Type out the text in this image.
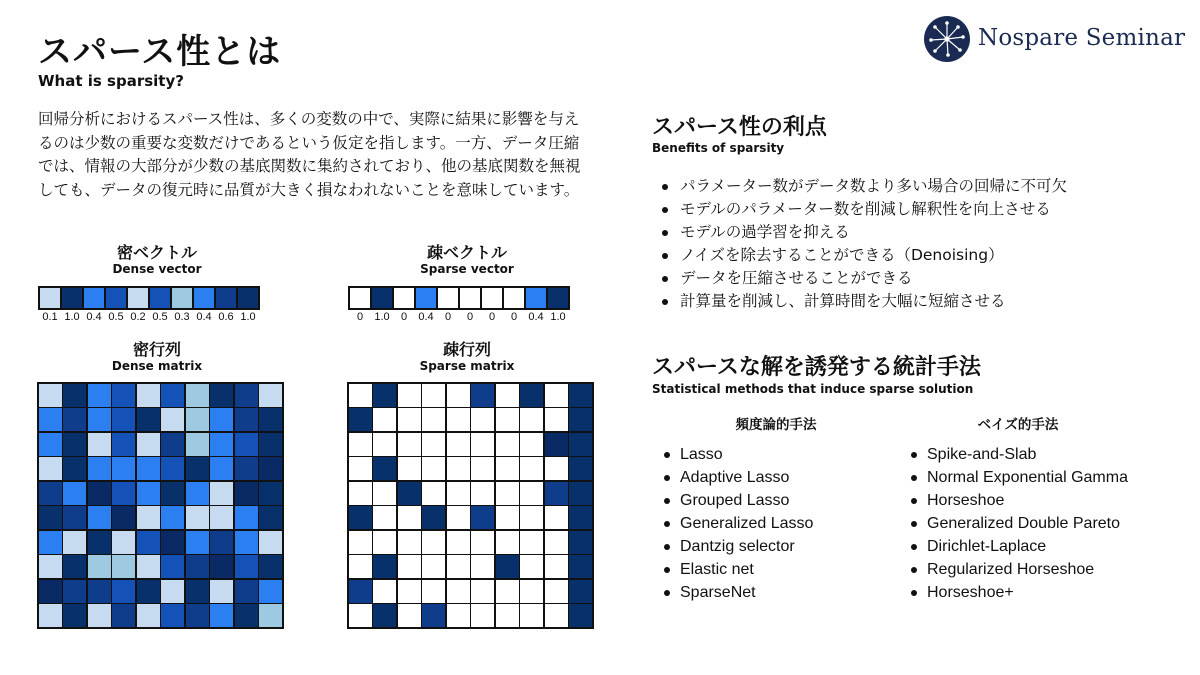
スパース性とは
What is sparsity?
回帰分析におけるスパース性は、多くの変数の中で、実際に結果に影響を与えるのは少数の重要な変数だけであるという仮定を指します。一方、データ圧縮では、情報の大部分が少数の基底関数に集約されており、他の基底関数を無視しても、データの復元時に品質が大きく損なわれないことを意味しています。
Nospare Seminar
密ベクトル
Dense vector
0.1 1.0 0.4 0.5 0.2 0.5 0.3 0.4 0.6 1.0
疎ベクトル
Sparse vector
0	1.0	0	0.4	0	0	0	0	0.4 1.0
密行列
Dense matrix
疎行列
Sparse matrix
スパース性の利点
Benefits of sparsity
パラメーター数がデータ数より多い場合の回帰に不可欠
モデルのパラメーター数を削減し解釈性を向上させる
モデルの過学習を抑える
ノイズを除去することができる（Denoising）
データを圧縮させることができる
計算量を削減し、計算時間を大幅に短縮させる
スパースな解を誘発する統計手法
Statistical methods that induce sparse solution
頻度論的手法
Lasso
Adaptive Lasso
Grouped Lasso
Generalized Lasso
Dantzig selector
Elastic net
SparseNet
ベイズ的手法
Spike-and-Slab
Normal Exponential Gamma
Horseshoe
Generalized Double Pareto
Dirichlet-Laplace
Regularized Horseshoe
Horseshoe+
